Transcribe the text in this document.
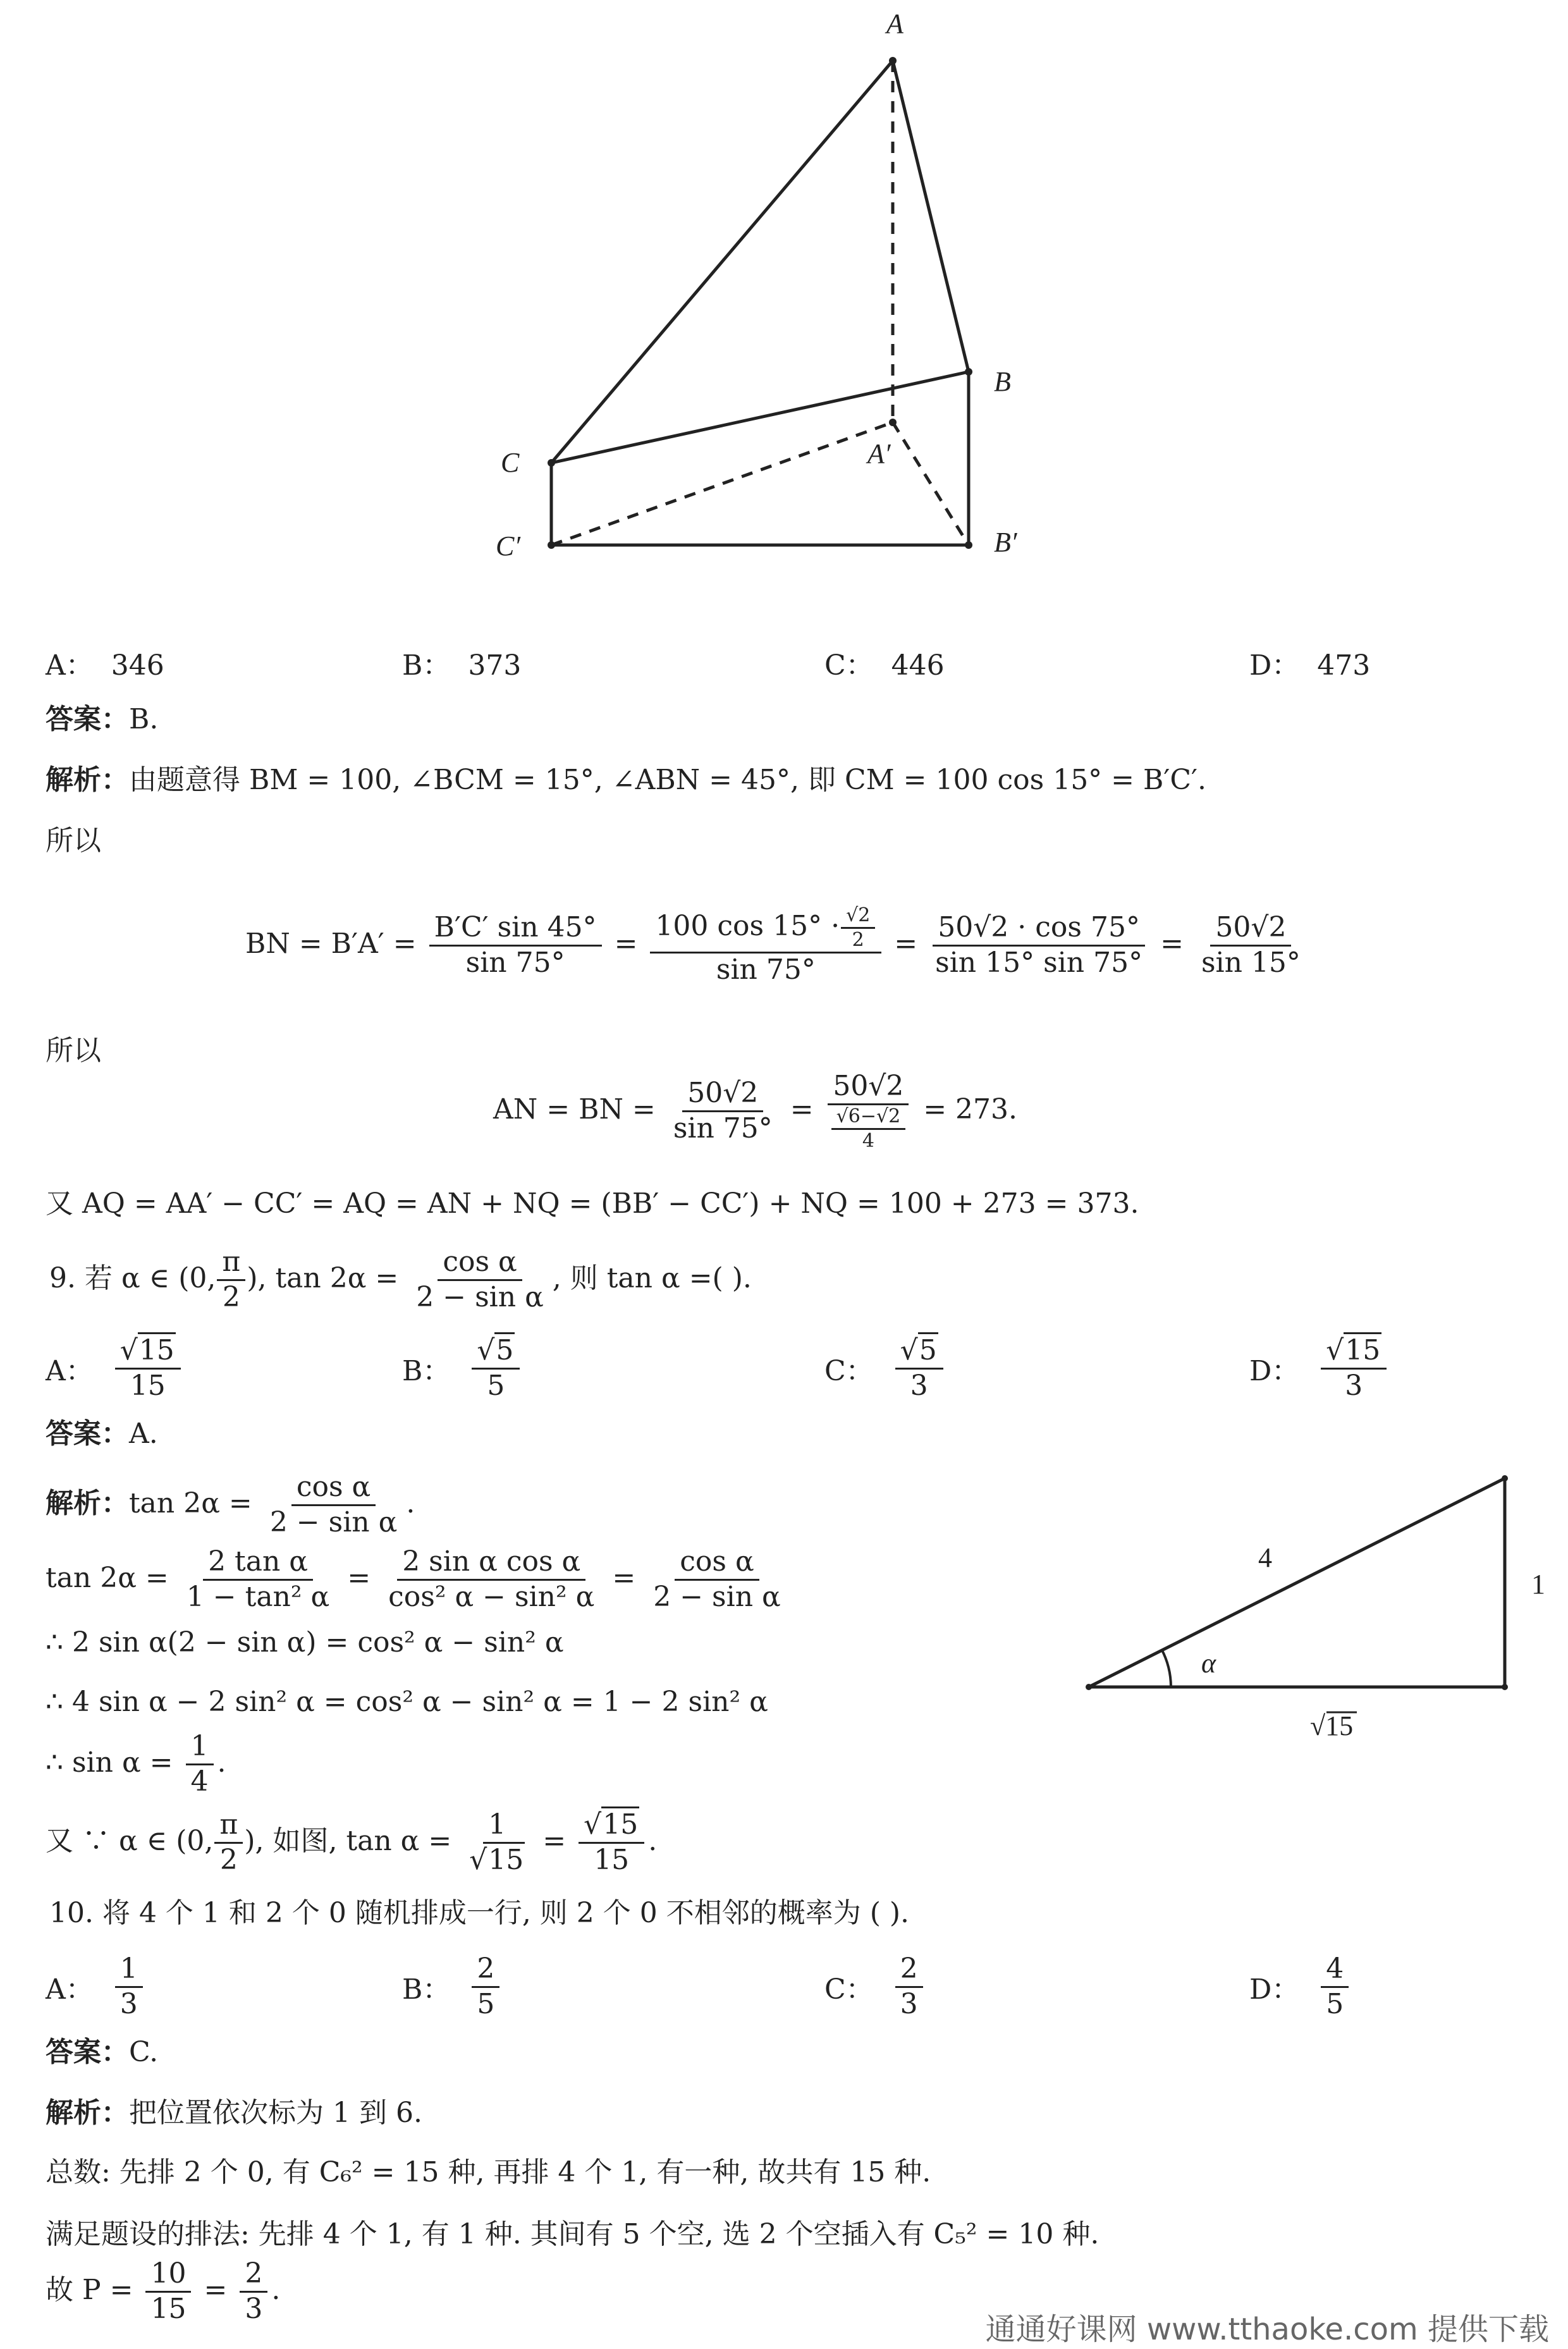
A
B
C	A′
B′
C′
A： 346	B： 373	C： 446	D： 473
答案：B.
解析：由题意得 BM = 100, ∠BCM = 15°, ∠ABN = 45°, 即 CM = 100 cos 15° = B′C′.
所以
BN = $B'A' = \frac{B'C' \sin 45^\circ}{\sin 75^\circ} = \frac{100 \cos 15^\circ \cdot \frac{√2}{2}}{\sin 75^\circ} = \frac{50√2 \cdot \cos 75^\circ}{\sin 15^\circ \sin 75^\circ} = \frac{50√2}{\sin 15^\circ}$
所以
AN = BN = $\frac{50√2}{\sin 75^\circ} = \frac{50√2}{\frac{√6-√2}{4}} = 273$.
又 AQ = AA′ − CC′ = AQ = AN + NQ = (BB′ − CC′) + NQ = 100 + 273 = 373.
9. 若 α ∈ (0, $\frac{\pi}{2}$ ), $\tan 2\alpha = \frac{\text{cos α}}{\text{2 − sin α}}$ , 则 tan α =( ).
A： $\frac{√15}{15}$	B： $\frac{√5}{5}$	C： $\frac{√5}{3}$	D： $\frac{√15}{3}$
答案：A.
解析：$\tan 2\alpha = \frac{\text{cos α}}{\text{2 − sin α}}$ .
$\tan 2\alpha = \frac{\text{2 tan α}}{\text{1 − tan² α}} = \frac{\text{2 sin α cos α}}{\text{cos² α − sin² α}} = \frac{\text{cos α}}{\text{2 − sin α}}$
∴ 2 sin α(2 − sin α) = cos² α − sin² α
∴ 4 sin α − 2 sin² α = cos² α − sin² α = 1 − 2 sin² α
∴ $\sin \alpha = \frac{1}{4}$ .
又 ∵ α ∈ (0, $\frac{\pi}{2}$ ), 如图, $\tan \alpha = \frac{1}{√15} = \frac{√15}{15}$ .
4
1
α
√15
10. 将 4 个 1 和 2 个 0 随机排成一行, 则 2 个 0 不相邻的概率为 ( ).
A： $\frac{1}{3}$	B： $\frac{2}{5}$	C： $\frac{2}{3}$	D： $\frac{4}{5}$
答案：C.
解析：把位置依次标为 1 到 6.
总数: 先排 2 个 0, 有 C₆² = 15 种, 再排 4 个 1, 有一种, 故共有 15 种.
满足题设的排法: 先排 4 个 1, 有 1 种. 其间有 5 个空, 选 2 个空插入有 C₅² = 10 种.
故 $P = \frac{10}{15} = \frac{2}{3}$ .
通通好课网 www.tthaoke.com 提供下载
